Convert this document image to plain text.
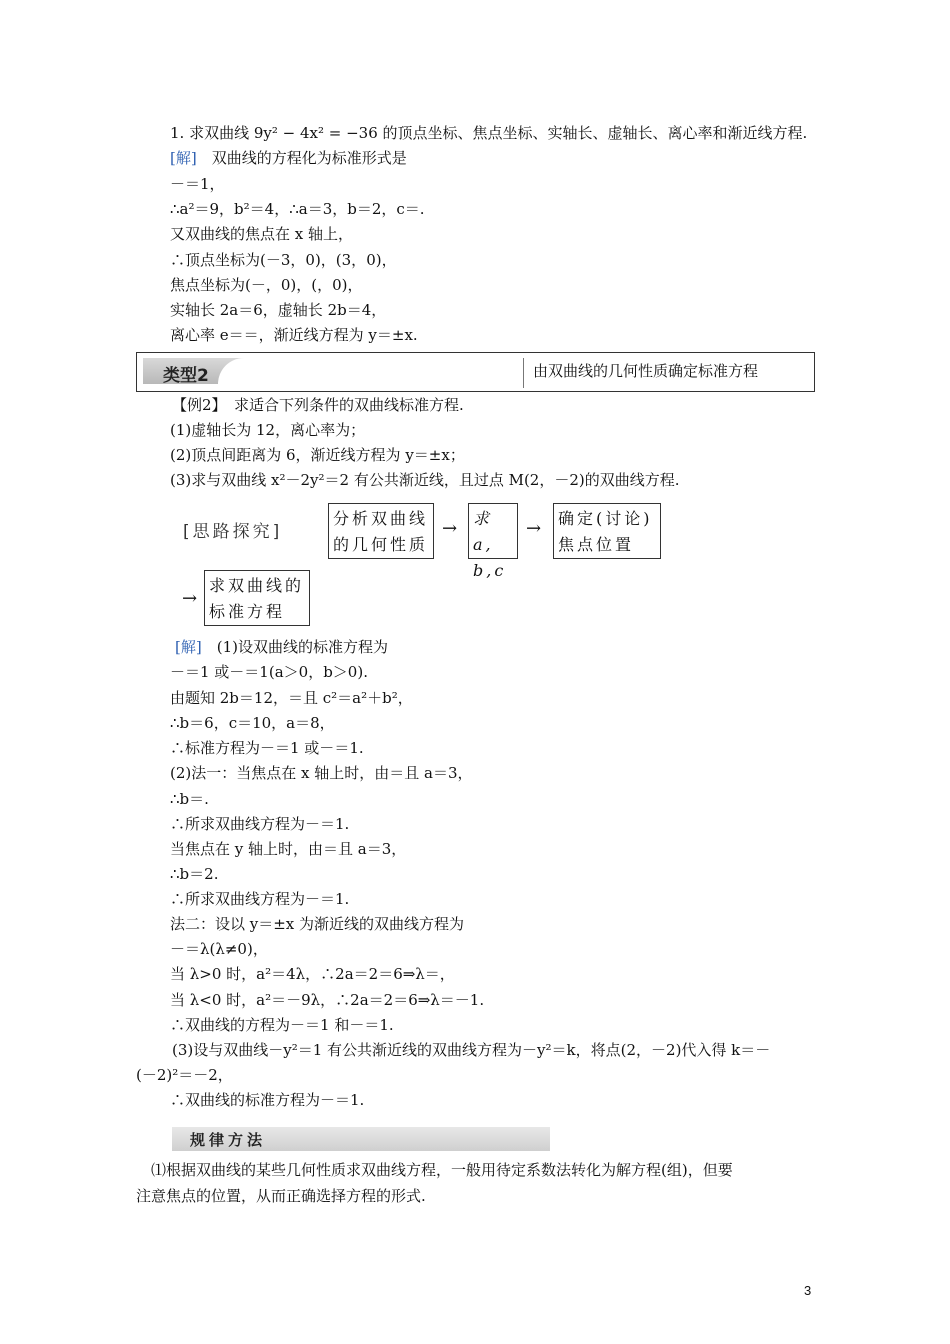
1. 求双曲线 9y² − 4x² = −36 的顶点坐标、焦点坐标、实轴长、虚轴长、离心率和渐近线方程.
[解]　 双曲线的方程化为标准形式是
－＝1，
∴a²＝9，b²＝4，∴a＝3，b＝2，c＝.
又双曲线的焦点在 x 轴上，
∴顶点坐标为(－3，0)，(3，0)，
焦点坐标为(－，0)，(，0)，
实轴长 2a＝6，虚轴长 2b＝4，
离心率 e＝＝，渐近线方程为 y＝±x.
类型2	由双曲线的几何性质确定标准方程
【例2】　求适合下列条件的双曲线标准方程.
(1)虚轴长为 12，离心率为；
(2)顶点间距离为 6，渐近线方程为 y＝±x；
(3)求与双曲线 x²－2y²＝2 有公共渐近线，且过点 M(2，－2)的双曲线方程.
[思路探究]
分析双曲线
的几何性质
→ 求 a,
b,c
→ 确定(讨论)
焦点位置
→
求双曲线的
标准方程
[解]　 (1)设双曲线的标准方程为
－＝1 或－＝1(a＞0，b＞0).
由题知 2b＝12，＝且 c²＝a²＋b²，
∴b＝6，c＝10，a＝8，
∴标准方程为－＝1 或－＝1.
(2)法一：当焦点在 x 轴上时，由＝且 a＝3，
∴b＝.
∴所求双曲线方程为－＝1.
当焦点在 y 轴上时，由＝且 a＝3，
∴b＝2.
∴所求双曲线方程为－＝1.
法二：设以 y＝±x 为渐近线的双曲线方程为
－＝λ(λ≠0)，
当 λ>0 时，a²＝4λ，∴2a＝2＝6⇒λ＝，
当 λ<0 时，a²＝－9λ，∴2a＝2＝6⇒λ＝－1.
∴双曲线的方程为－＝1 和－＝1.
(3)设与双曲线－y²＝1 有公共渐近线的双曲线方程为－y²＝k，将点(2，－2)代入得 k＝－
(－2)²＝－2，
∴双曲线的标准方程为－＝1.
规律方法
⑴根据双曲线的某些几何性质求双曲线方程，一般用待定系数法转化为解方程(组)，但要
注意焦点的位置，从而正确选择方程的形式.
3
